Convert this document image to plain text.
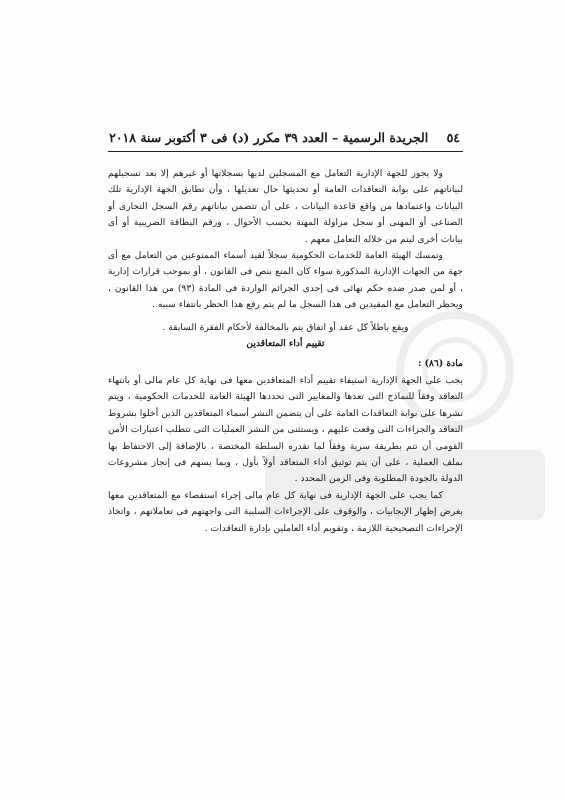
٥٤ الجريدة الرسمية – العدد ٣٩ مكرر (د) فى ٣ أكتوبر سنة ٢٠١٨

ولا يجوز للجهة الإدارية التعامل مع المسجلين لديها بسجلاتها أو غيرهم إلا بعد تسجيلهم لبياناتهم على بوابة التعاقدات العامة أو تحديثها حال تعديلها ، وأن تطابق الجهة الإدارية تلك البيانات واعتمادها من واقع قاعدة البيانات ، على أن تتضمن بياناتهم رقم السجل التجارى أو الصناعى أو المهنى أو سجل مزاولة المهنة بحسب الأحوال ، ورقم البطاقة الضريبية أو أى بيانات أخرى ليتم من خلاله التعامل معهم .

وتمسك الهيئة العامة للخدمات الحكومية سجلاً لقيد أسماء الممنوعين من التعامل مع أى جهة من الجهات الإدارية المذكورة سواء كان المنع بنص فى القانون ، أو بموجب قرارات إدارية ، أو لمن صدر ضده حكم نهائى فى إحدى الجرائم الواردة فى المادة (٩٣) من هذا القانون ، ويحظر التعامل مع المقيدين فى هذا السجل ما لم يتم رفع هذا الحظر بانتفاء سببه .

ويقع باطلاً كل عقد أو اتفاق يتم بالمخالفة لأحكام الفقرة السابقة .

تقييم أداء المتعاقدين

مادة (٨٦) :

يجب على الجهة الإدارية استيفاء تقييم أداء المتعاقدين معها فى نهاية كل عام مالى أو بانتهاء التعاقد وفقاً للنماذج التى تعدها والمعايير التى تحددها الهيئة العامة للخدمات الحكومية ، ويتم نشرها على بوابة التعاقدات العامة على أن يتضمن النشر أسماء المتعاقدين الذين أخلوا بشروط التعاقد والجزاءات التى وقعت عليهم ، ويستثنى من النشر العمليات التى تتطلب اعتبارات الأمن القومى أن تتم بطريقة سرية وفقاً لما تقدره السلطة المختصة ، بالإضافة إلى الاحتفاظ بها بملف العملية ، على أن يتم توثيق أداء المتعاقد أولاً بأول ، وبما يسهم فى إنجاز مشروعات الدولة بالجودة المطلوبة وفى الزمن المحدد .

كما يجب على الجهة الإدارية فى نهاية كل عام مالى إجراء استقصاء مع المتعاقدين معها بغرض إظهار الإيجابيات ، والوقوف على الإجراءات السلبية التى واجهتهم فى تعاملاتهم ، واتخاذ الإجراءات التصحيحية اللازمة ، وتقويم أداء العاملين بإدارة التعاقدات .
